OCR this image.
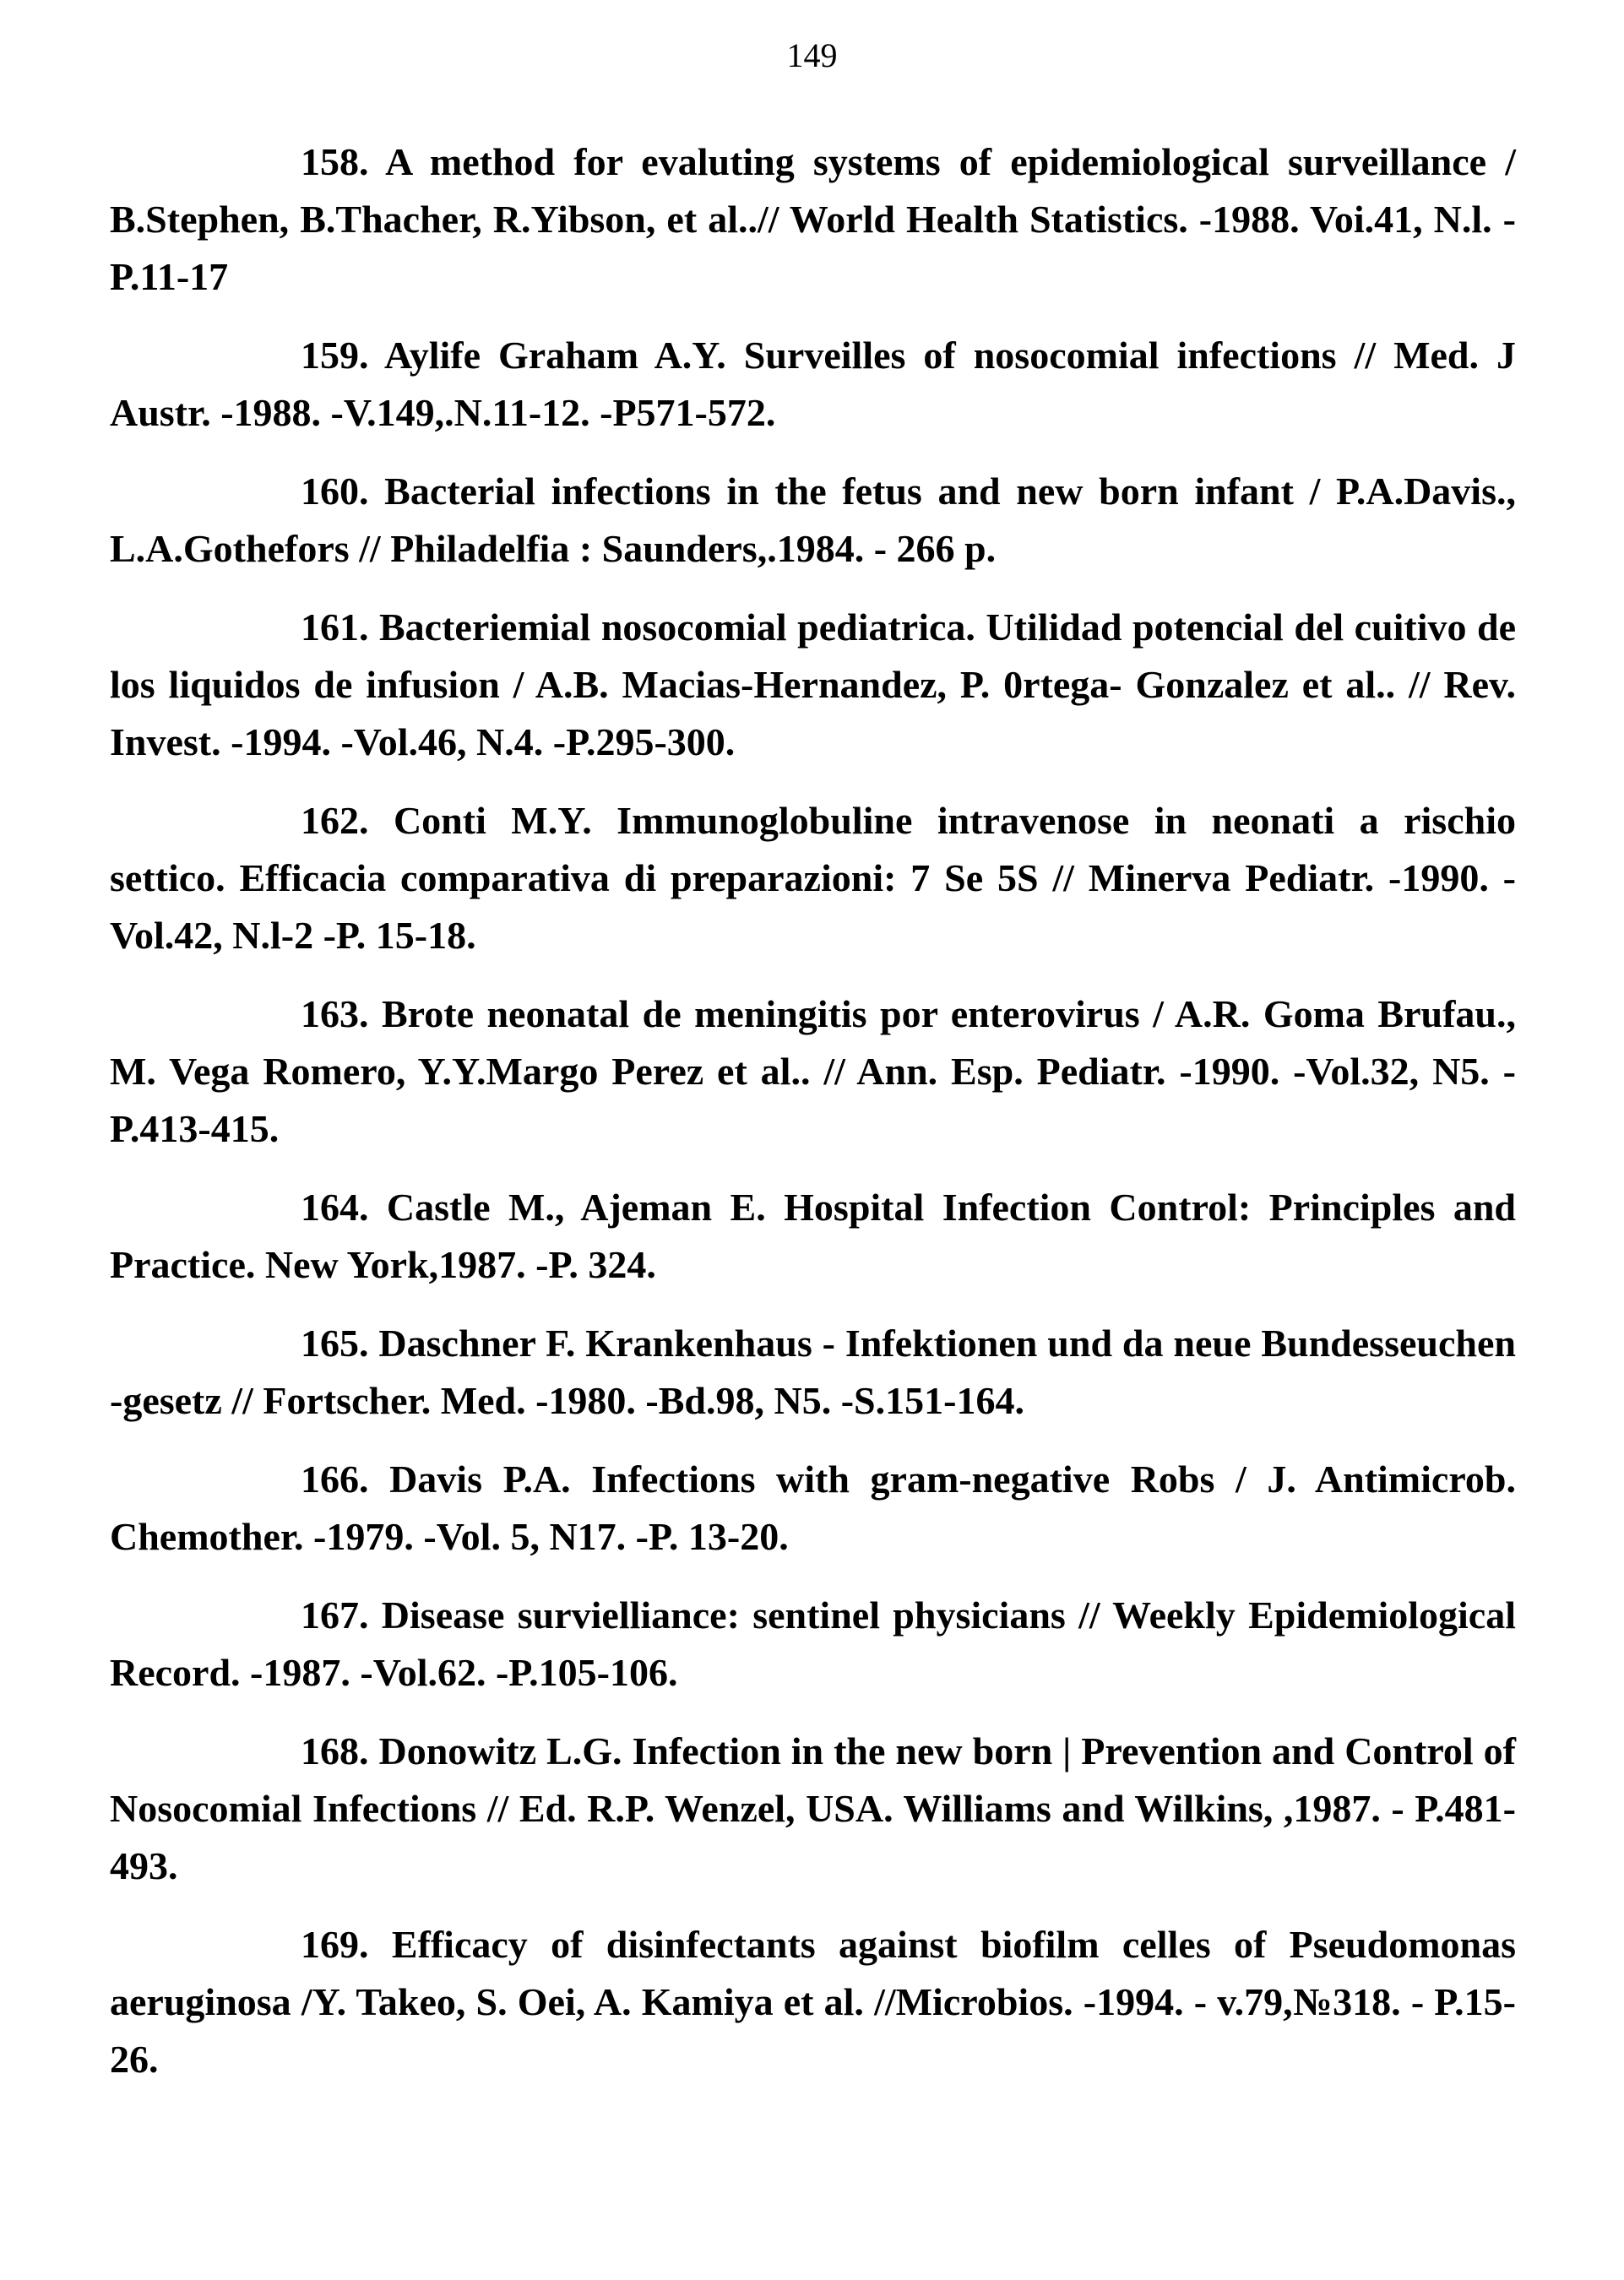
149

158. A method for evaluting systems of epidemiological surveillance / B.Stephen, B.Thacher, R.Yibson, et al..// World Health Statistics. -1988. Voi.41, N.l. -P.11-17

159. Aylife Graham A.Y. Surveilles of nosocomial infections // Med. J Austr. -1988. -V.149,.N.11-12. -P571-572.

160. Bacterial infections in the fetus and new born infant / P.A.Davis., L.A.Gothefors // Philadelfia : Saunders,.1984. - 266 p.

161. Bacteriemial nosocomial pediatrica. Utilidad potencial del cuitivo de los liquidos de infusion / A.B. Macias-Hernandez, P. 0rtega- Gonzalez et al.. // Rev. Invest. -1994. -Vol.46, N.4. -P.295-300.

162. Conti M.Y. Immunoglobuline intravenose in neonati a rischio settico. Efficacia comparativa di preparazioni: 7 Se 5S // Minerva Pediatr. -1990. - Vol.42, N.l-2 -P. 15-18.

163. Brote neonatal de meningitis por enterovirus / A.R. Goma Brufau., M. Vega Romero, Y.Y.Margo Perez et al.. // Ann. Esp. Pediatr. -1990. -Vol.32, N5. -P.413-415.

164. Castle M., Ajeman E. Hospital Infection Control: Principles and Practice. New York,1987. -P. 324.

165. Daschner F. Krankenhaus - Infektionen und da neue Bundesseuchen -gesetz // Fortscher. Med. -1980. -Bd.98, N5. -S.151-164.

166. Davis P.A. Infections with gram-negative Robs / J. Antimicrob. Chemother. -1979. -Vol. 5, N17. -P. 13-20.

167. Disease survielliance: sentinel physicians // Weekly Epidemiological Record. -1987. -Vol.62. -P.105-106.

168. Donowitz L.G. Infection in the new born | Prevention and Control of Nosocomial Infections // Ed. R.P. Wenzel, USA. Williams and Wilkins, ,1987. - P.481-493.

169. Efficacy of disinfectants against biofilm celles of Pseudomonas aeruginosa /Y. Takeo, S. Oei, A. Kamiya et al. //Microbios. -1994. - v.79,№318. - P.15-26.
